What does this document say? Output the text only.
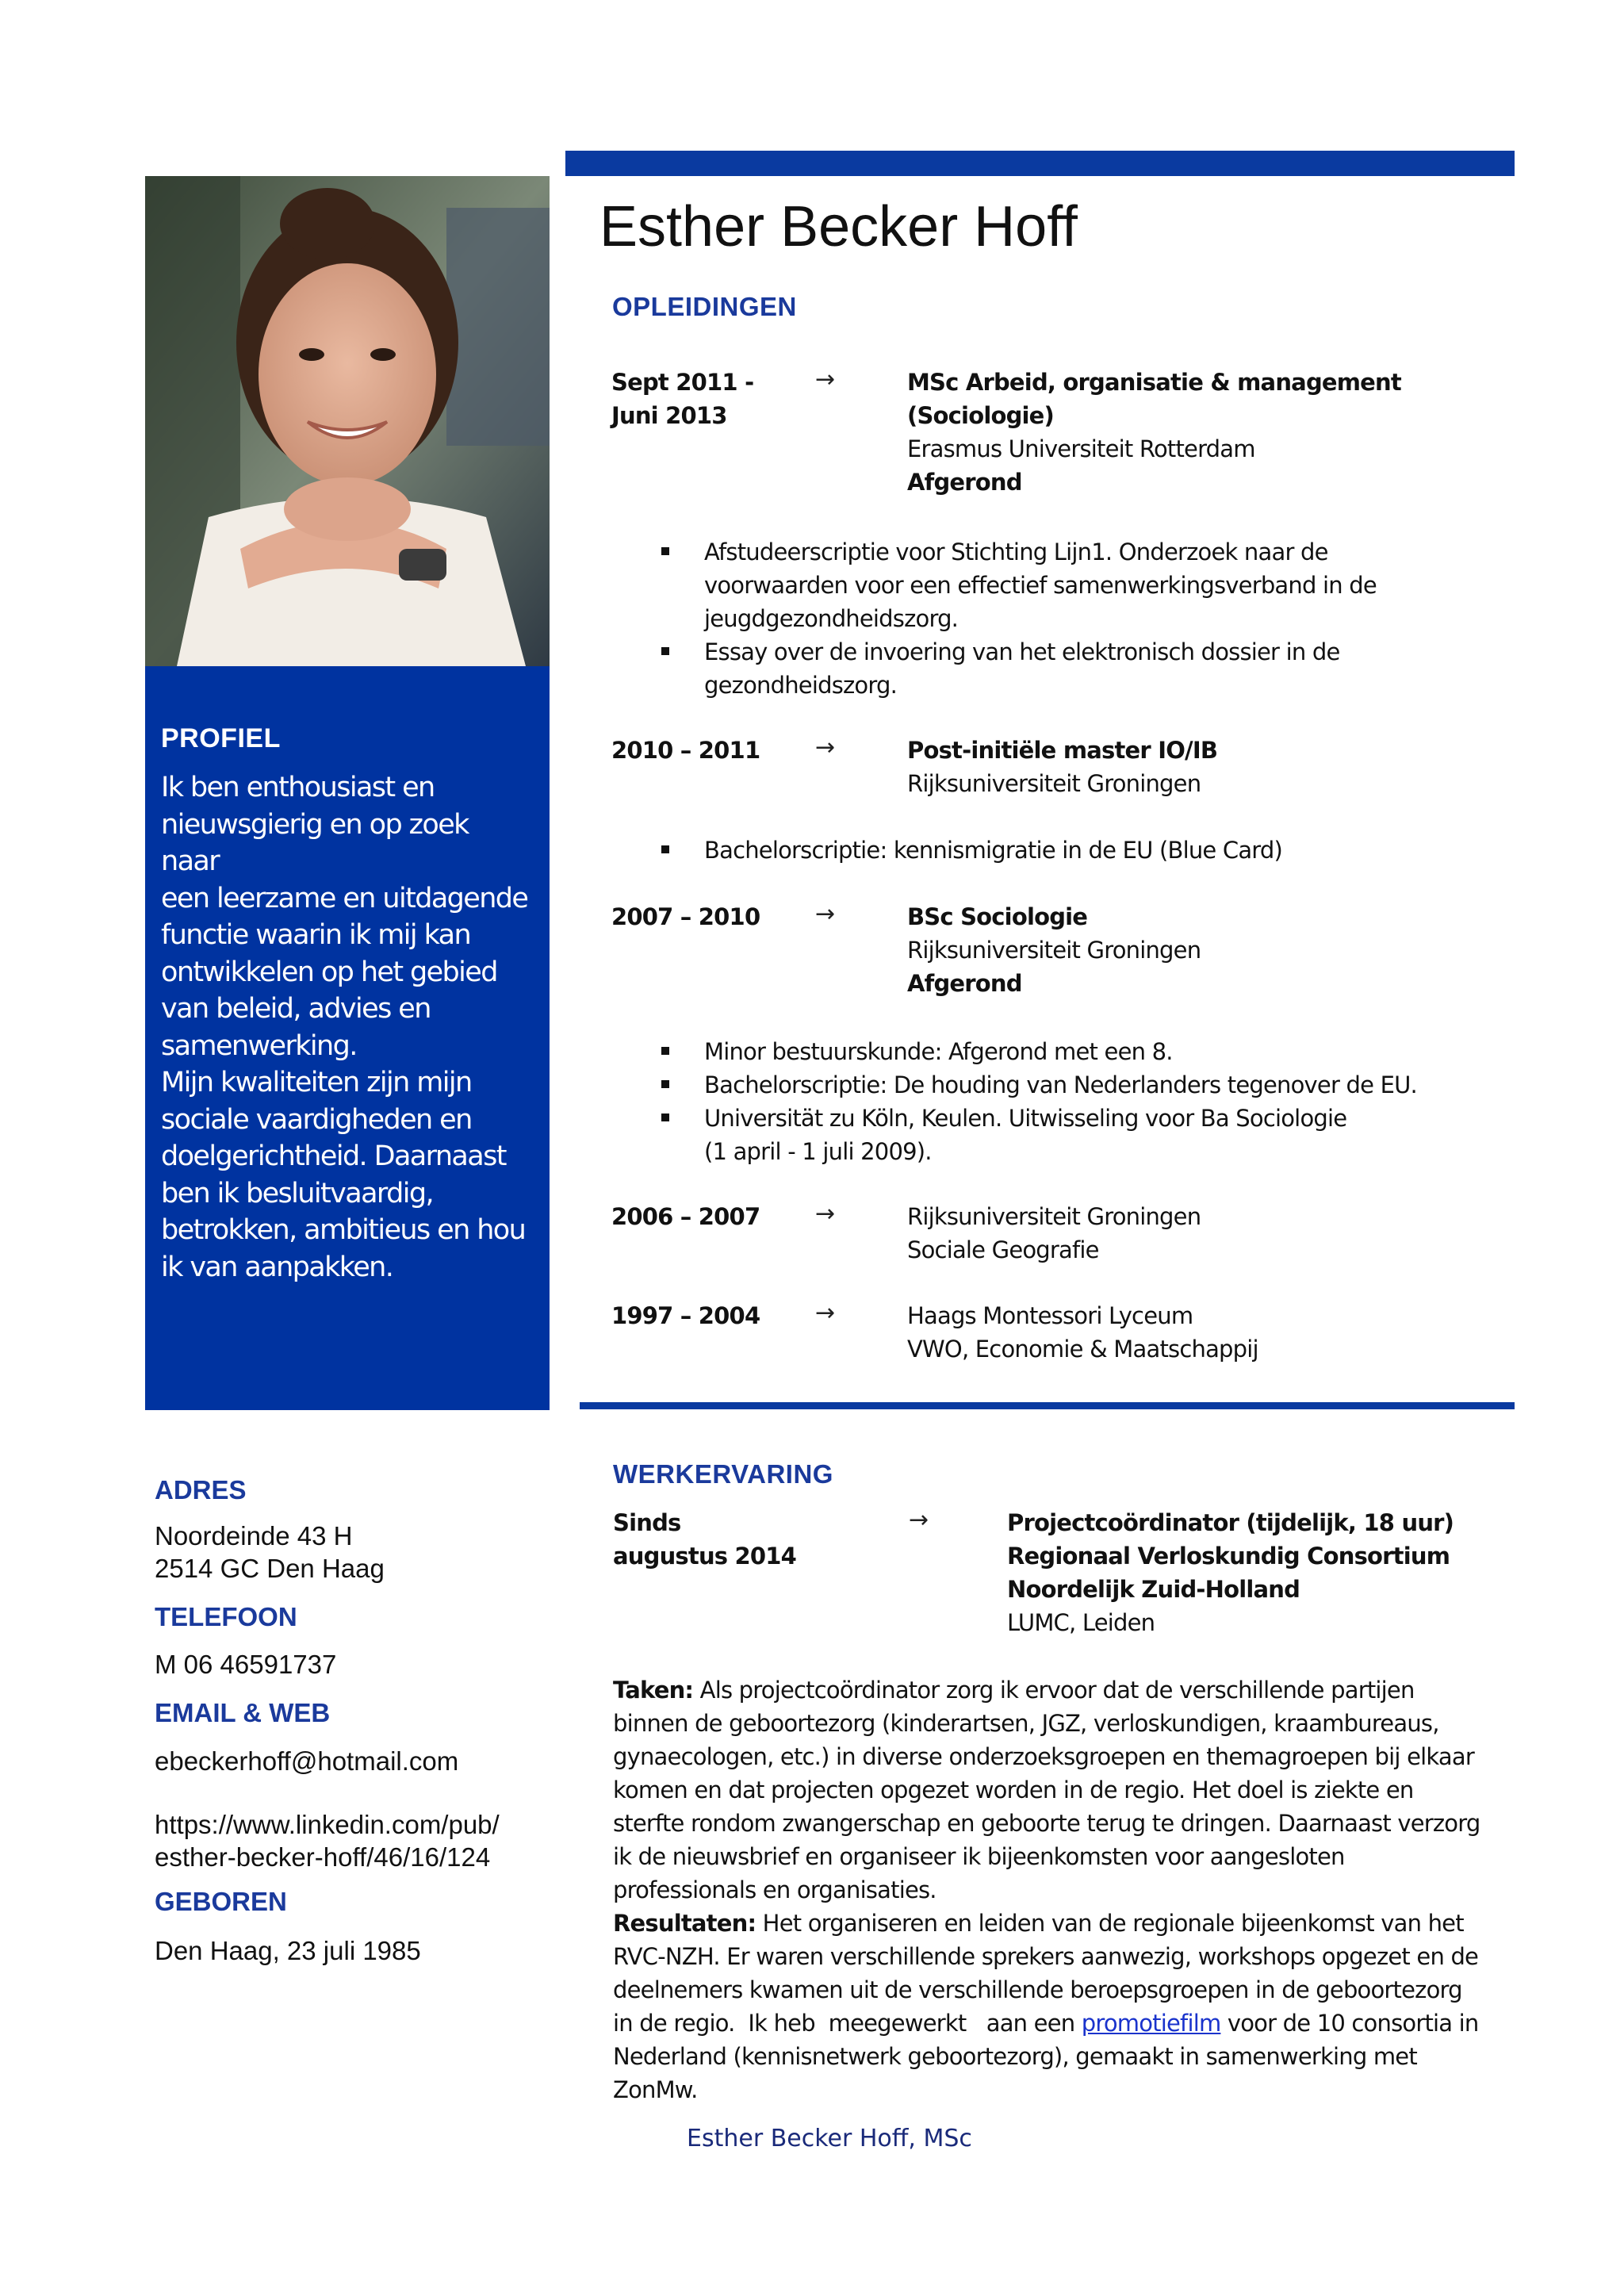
PROFIEL
Ik ben enthousiast en
nieuwsgierig en op zoek naar
een leerzame en uitdagende
functie waarin ik mij kan
ontwikkelen op het gebied
van beleid, advies en
samenwerking.
Mijn kwaliteiten zijn mijn
sociale vaardigheden en
doelgerichtheid. Daarnaast
ben ik besluitvaardig,
betrokken, ambitieus en hou
ik van aanpakken.
Esther Becker Hoff
OPLEIDINGEN
Sept 2011 -
Juni 2013
→	MSc Arbeid, organisatie & management
(Sociologie)
Erasmus Universiteit Rotterdam
Afgerond
Afstudeerscriptie voor Stichting Lijn1. Onderzoek naar de
voorwaarden voor een effectief samenwerkingsverband in de
jeugdgezondheidszorg.
Essay over de invoering van het elektronisch dossier in de
gezondheidszorg.
2010 – 2011 →	Post-initiële master IO/IB
Rijksuniversiteit Groningen
Bachelorscriptie: kennismigratie in de EU (Blue Card)
2007 – 2010 →	BSc Sociologie
Rijksuniversiteit Groningen
Afgerond
Minor bestuurskunde: Afgerond met een 8.
Bachelorscriptie: De houding van Nederlanders tegenover de EU.
Universität zu Köln, Keulen. Uitwisseling voor Ba Sociologie
(1 april - 1 juli 2009).
2006 – 2007 →	Rijksuniversiteit Groningen
Sociale Geografie
1997 – 2004 →	Haags Montessori Lyceum
VWO, Economie & Maatschappij
ADRES
Noordeinde 43 H
2514 GC Den Haag
TELEFOON
M 06 46591737
EMAIL & WEB
ebeckerhoff@hotmail.com
https://www.linkedin.com/pub/
esther-becker-hoff/46/16/124
GEBOREN
Den Haag, 23 juli 1985
WERKERVARING
Sinds
augustus 2014
→	Projectcoördinator (tijdelijk, 18 uur)
Regionaal Verloskundig Consortium
Noordelijk Zuid-Holland
LUMC, Leiden
Taken: Als projectcoördinator zorg ik ervoor dat de verschillende partijen
binnen de geboortezorg (kinderartsen, JGZ, verloskundigen, kraambureaus,
gynaecologen, etc.) in diverse onderzoeksgroepen en themagroepen bij elkaar
komen en dat projecten opgezet worden in de regio. Het doel is ziekte en
sterfte rondom zwangerschap en geboorte terug te dringen. Daarnaast verzorg
ik de nieuwsbrief en organiseer ik bijeenkomsten voor aangesloten
professionals en organisaties.
Resultaten: Het organiseren en leiden van de regionale bijeenkomst van het
RVC-NZH. Er waren verschillende sprekers aanwezig, workshops opgezet en de
deelnemers kwamen uit de verschillende beroepsgroepen in de geboortezorg
in de regio.  Ik heb  meegewerkt   aan een promotiefilm voor de 10 consortia in
Nederland (kennisnetwerk geboortezorg), gemaakt in samenwerking met
ZonMw.
Esther Becker Hoff, MSc
